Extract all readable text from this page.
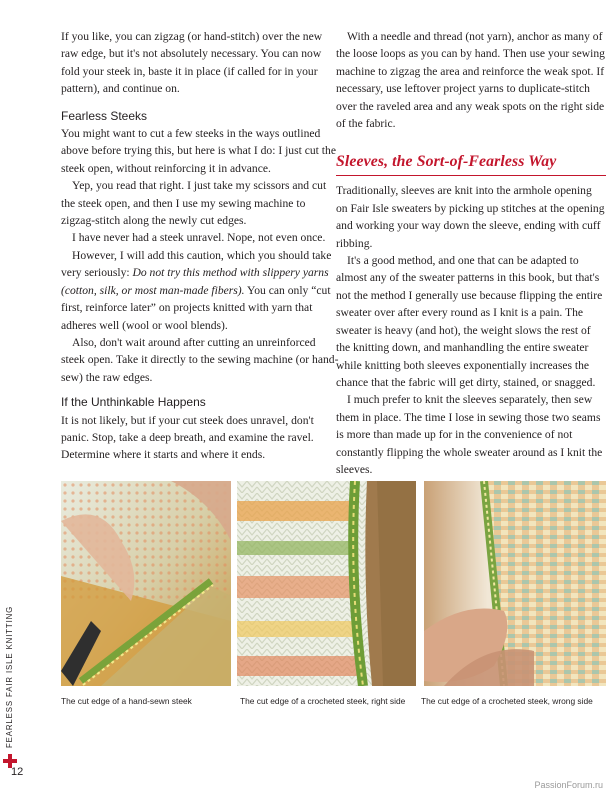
If you like, you can zigzag (or hand-stitch) over the new raw edge, but it's not absolutely necessary. You can now fold your steek in, baste it in place (if called for in your pattern), and continue on.

Fearless Steeks

You might want to cut a few steeks in the ways outlined above before trying this, but here is what I do: I just cut the steek open, without reinforcing it in advance.

Yep, you read that right. I just take my scissors and cut the steek open, and then I use my sewing machine to zigzag-stitch along the newly cut edges.

I have never had a steek unravel. Nope, not even once.

However, I will add this caution, which you should take very seriously: Do not try this method with slippery yarns (cotton, silk, or most man-made fibers). You can only “cut first, reinforce later” on projects knitted with yarn that adheres well (wool or wool blends).

Also, don't wait around after cutting an unreinforced steek open. Take it directly to the sewing machine (or hand-sew) the raw edges.

If the Unthinkable Happens

It is not likely, but if your cut steek does unravel, don't panic. Stop, take a deep breath, and examine the ravel. Determine where it starts and where it ends.

With a needle and thread (not yarn), anchor as many of the loose loops as you can by hand. Then use your sewing machine to zigzag the area and reinforce the weak spot. If necessary, use leftover project yarns to duplicate-stitch over the raveled area and any weak spots on the right side of the fabric.

Sleeves, the Sort-of-Fearless Way

Traditionally, sleeves are knit into the armhole opening on Fair Isle sweaters by picking up stitches at the opening and working your way down the sleeve, ending with cuff ribbing.

It's a good method, and one that can be adapted to almost any of the sweater patterns in this book, but that's not the method I generally use because flipping the entire sweater over after every round as I knit is a pain. The sweater is heavy (and hot), the weight slows the rest of the knitting down, and manhandling the entire sweater while knitting both sleeves exponentially increases the chance that the fabric will get dirty, stained, or snagged.

I much prefer to knit the sleeves separately, then sew them in place. The time I lose in sewing those two seams is more than made up for in the convenience of not constantly flipping the whole sweater around as I knit the sleeves.

The cut edge of a hand-sewn steek	The cut edge of a crocheted steek, right side	The cut edge of a crocheted steek, wrong side
FEARLESS FAIR ISLE KNITTING
12
PassionForum.ru
